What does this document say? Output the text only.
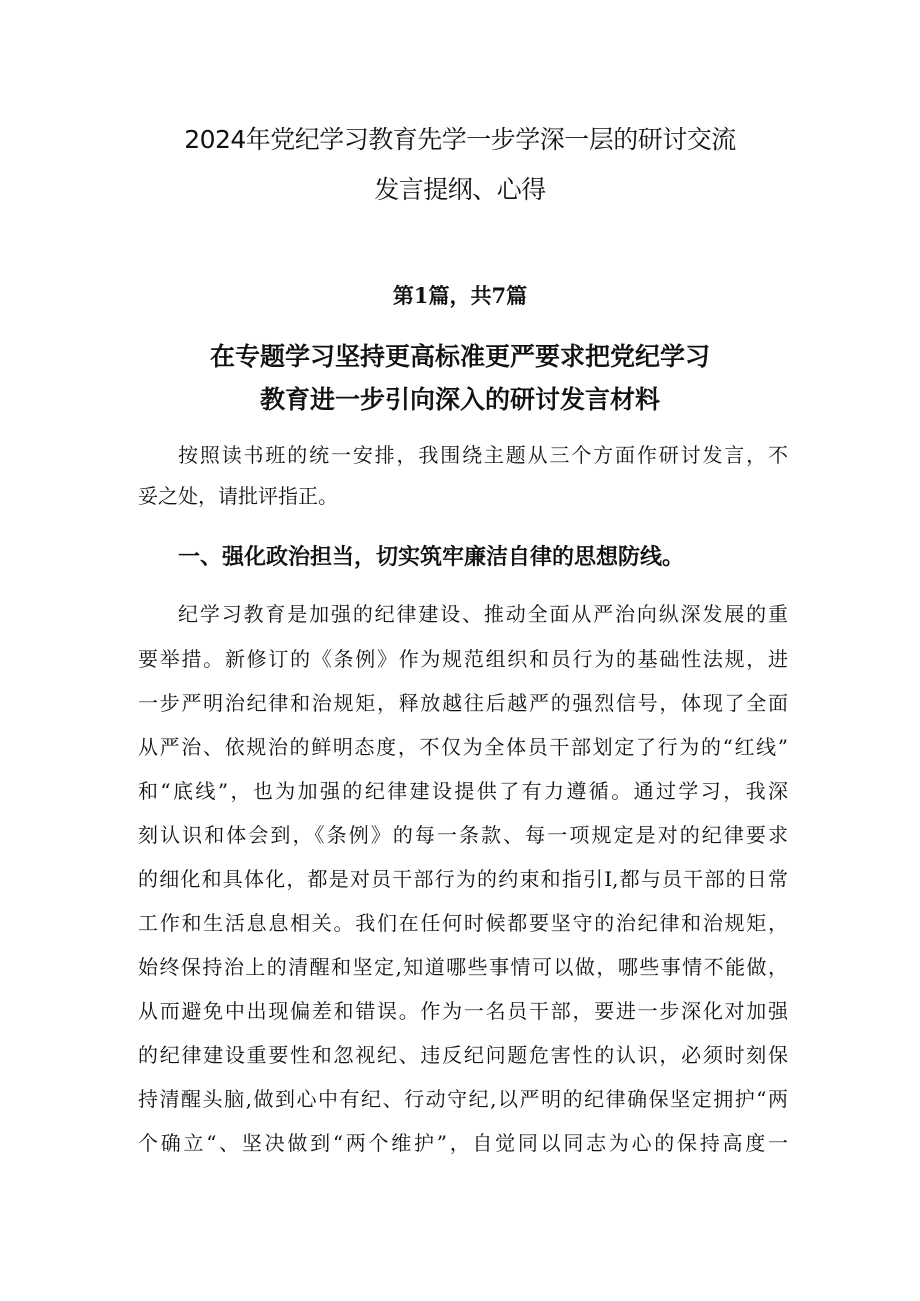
2024年党纪学习教育先学一步学深一层的研讨交流
发言提纲、心得
第1篇，共7篇
在专题学习坚持更高标准更严要求把党纪学习
教育进一步引向深入的研讨发言材料
按照读书班的统一安排，我围绕主题从三个方面作研讨发言，不
妥之处，请批评指正。
一、强化政治担当，切实筑牢廉洁自律的思想防线。
纪学习教育是加强的纪律建设、推动全面从严治向纵深发展的重
要举措。新修订的《条例》作为规范组织和员行为的基础性法规，进
一步严明治纪律和治规矩，释放越往后越严的强烈信号，体现了全面
从严治、依规治的鲜明态度，不仅为全体员干部划定了行为的“红线”
和“底线”，也为加强的纪律建设提供了有力遵循。通过学习，我深
刻认识和体会到，《条例》的每一条款、每一项规定是对的纪律要求
的细化和具体化，都是对员干部行为的约束和指引I,都与员干部的日常
工作和生活息息相关。我们在任何时候都要坚守的治纪律和治规矩，
始终保持治上的清醒和坚定,知道哪些事情可以做，哪些事情不能做，
从而避免中出现偏差和错误。作为一名员干部，要进一步深化对加强
的纪律建设重要性和忽视纪、违反纪问题危害性的认识，必须时刻保
持清醒头脑,做到心中有纪、行动守纪,以严明的纪律确保坚定拥护“两
个确立“、坚决做到“两个维护”，自觉同以同志为心的保持高度一
